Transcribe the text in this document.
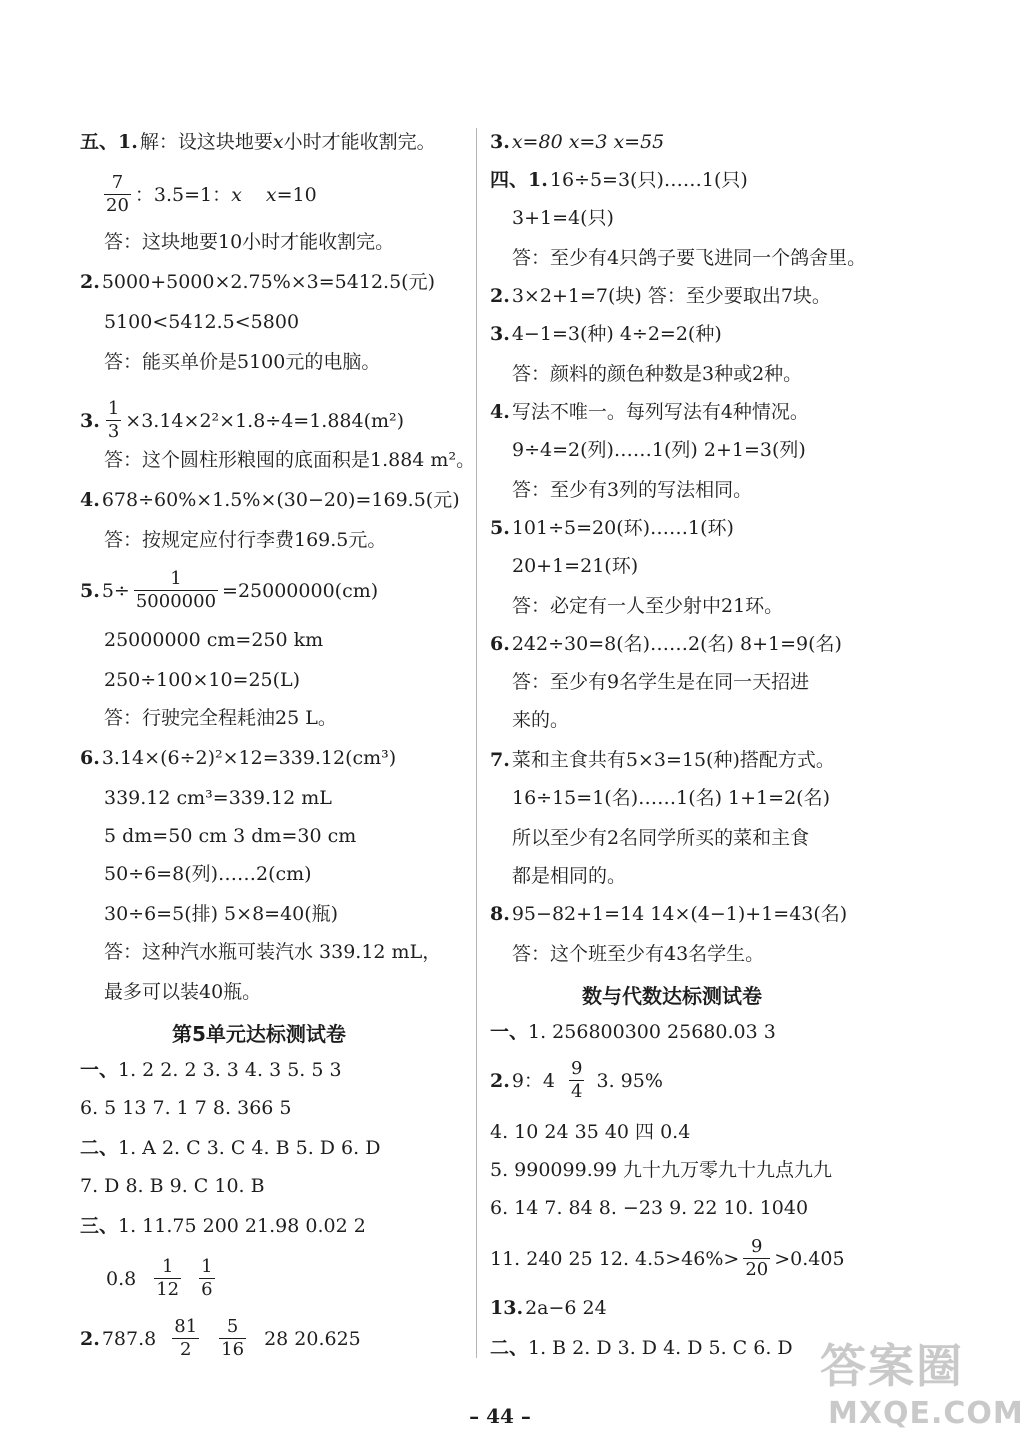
五、 1. 解：设这块地要 x 小时才能收割完。
$\frac{7}{20}$ ：3.5=1： x x =10
答：这块地要10小时才能收割完。
2. 5000+5000×2.75%×3=5412.5(元)
5100<5412.5<5800
答：能买单价是5100元的电脑。
3. $\frac{1}{3} \times 3.14\times 2^2\times 1.8\div 4=1.884(m^2)$
答：这个圆柱形粮囤的底面积是1.884 m²。
4. 678÷60%×1.5%×(30−20)=169.5(元)
答：按规定应付行李费169.5元。
5. $5\div \frac{1}{5000000} =25000000(cm)$
25000000 cm=250 km
250÷100×10=25(L)
答：行驶完全程耗油25 L。
6. 3.14×(6÷2)²×12=339.12(cm³)
339.12 cm³=339.12 mL
5 dm=50 cm 3 dm=30 cm
50÷6=8(列)……2(cm)
30÷6=5(排) 5×8=40(瓶)
答：这种汽水瓶可装汽水 339.12 mL，
最多可以装40瓶。
第5单元达标测试卷
一、 1. 2 2. 2 3. 3 4. 3 5. 5 3
6. 5 13 7. 1 7 8. 366 5
二、 1. A 2. C 3. C 4. B 5. D 6. D
7. D 8. B 9. C 10. B
三、 1. 11.75 200 21.98 0.02 2
$0.8 \frac{1}{12} \frac{1}{6}$
2. $787.8 \frac{81}{2} \frac{5}{16} 28$ 20.625
3. x=80 x=3 x=55
四、 1. 16÷5=3(只)……1(只)
3+1=4(只)
答：至少有4只鸽子要飞进同一个鸽舍里。
2. 3×2+1=7(块) 答：至少要取出7块。
3. 4−1=3(种) 4÷2=2(种)
答：颜料的颜色种数是3种或2种。
4. 写法不唯一。每列写法有4种情况。
9÷4=2(列)……1(列) 2+1=3(列)
答：至少有3列的写法相同。
5. 101÷5=20(环)……1(环)
20+1=21(环)
答：必定有一人至少射中21环。
6. 242÷30=8(名)……2(名) 8+1=9(名)
答：至少有9名学生是在同一天招进
来的。
7. 菜和主食共有5×3=15(种)搭配方式。
16÷15=1(名)……1(名) 1+1=2(名)
所以至少有2名同学所买的菜和主食
都是相同的。
8. 95−82+1=14 14×(4−1)+1=43(名)
答：这个班至少有43名学生。
数与代数达标测试卷
一、 1. 256800300 25680.03 3
2. 9：$4 \frac{9}{4} 3$. 95%
4. 10 24 35 40 四 0.4
5. 990099.99 九十九万零九十九点九九
6. 14 7. 84 8. −23 9. 22 10. 1040
11. 240 25 12. $4.5>46\%> \frac{9}{20}$ >0.40̇5̇
13. 2a−6 24
二、 1. B 2. D 3. D 4. D 5. C 6. D
– 44 –
答案圈
MXQE.COM
